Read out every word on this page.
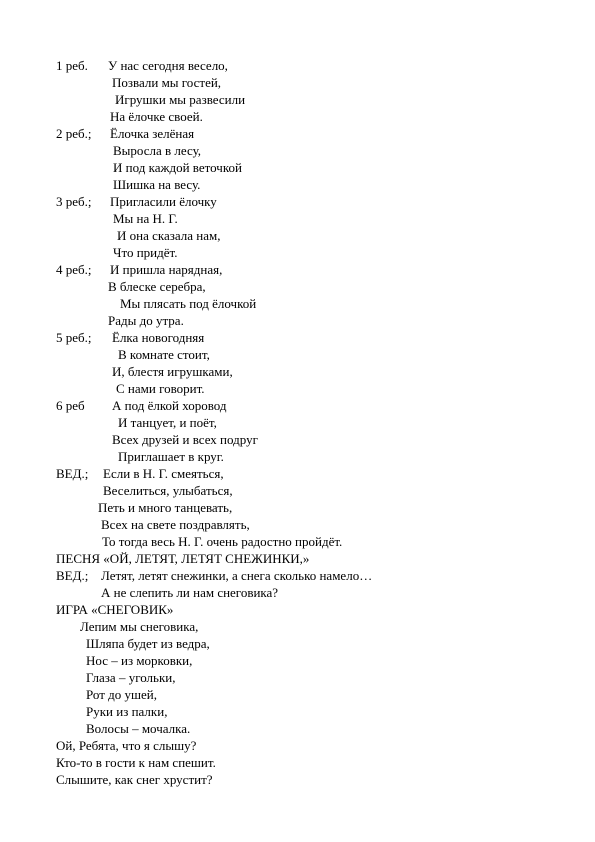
1 реб. У нас сегодня весело,
Позвали мы гостей,
Игрушки мы развесили
На ёлочке своей.
2 реб.; Ёлочка зелёная
Выросла в лесу,
И под каждой веточкой
Шишка на весу.
3 реб.; Пригласили ёлочку
Мы на Н. Г.
И она сказала нам,
Что придёт.
4 реб.; И пришла нарядная,
В блеске серебра,
Мы плясать под ёлочкой
Рады до утра.
5 реб.; Ёлка новогодняя
В комнате стоит,
И, блестя игрушками,
С нами говорит.
6 реб А под ёлкой хоровод
И танцует, и поёт,
Всех друзей и всех подруг
Приглашает в круг.
ВЕД.; Если в Н. Г. смеяться,
Веселиться, улыбаться,
Петь и много танцевать,
Всех на свете поздравлять,
То тогда весь Н. Г. очень радостно пройдёт.
ПЕСНЯ «ОЙ, ЛЕТЯТ, ЛЕТЯТ СНЕЖИНКИ,»
ВЕД.; Летят, летят снежинки, а снега сколько намело…
А не слепить ли нам снеговика?
ИГРА «СНЕГОВИК»
Лепим мы снеговика,
Шляпа будет из ведра,
Нос – из морковки,
Глаза – угольки,
Рот до ушей,
Руки из палки,
Волосы – мочалка.
Ой, Ребята, что я слышу?
Кто-то в гости к нам спешит.
Слышите, как снег хрустит?
